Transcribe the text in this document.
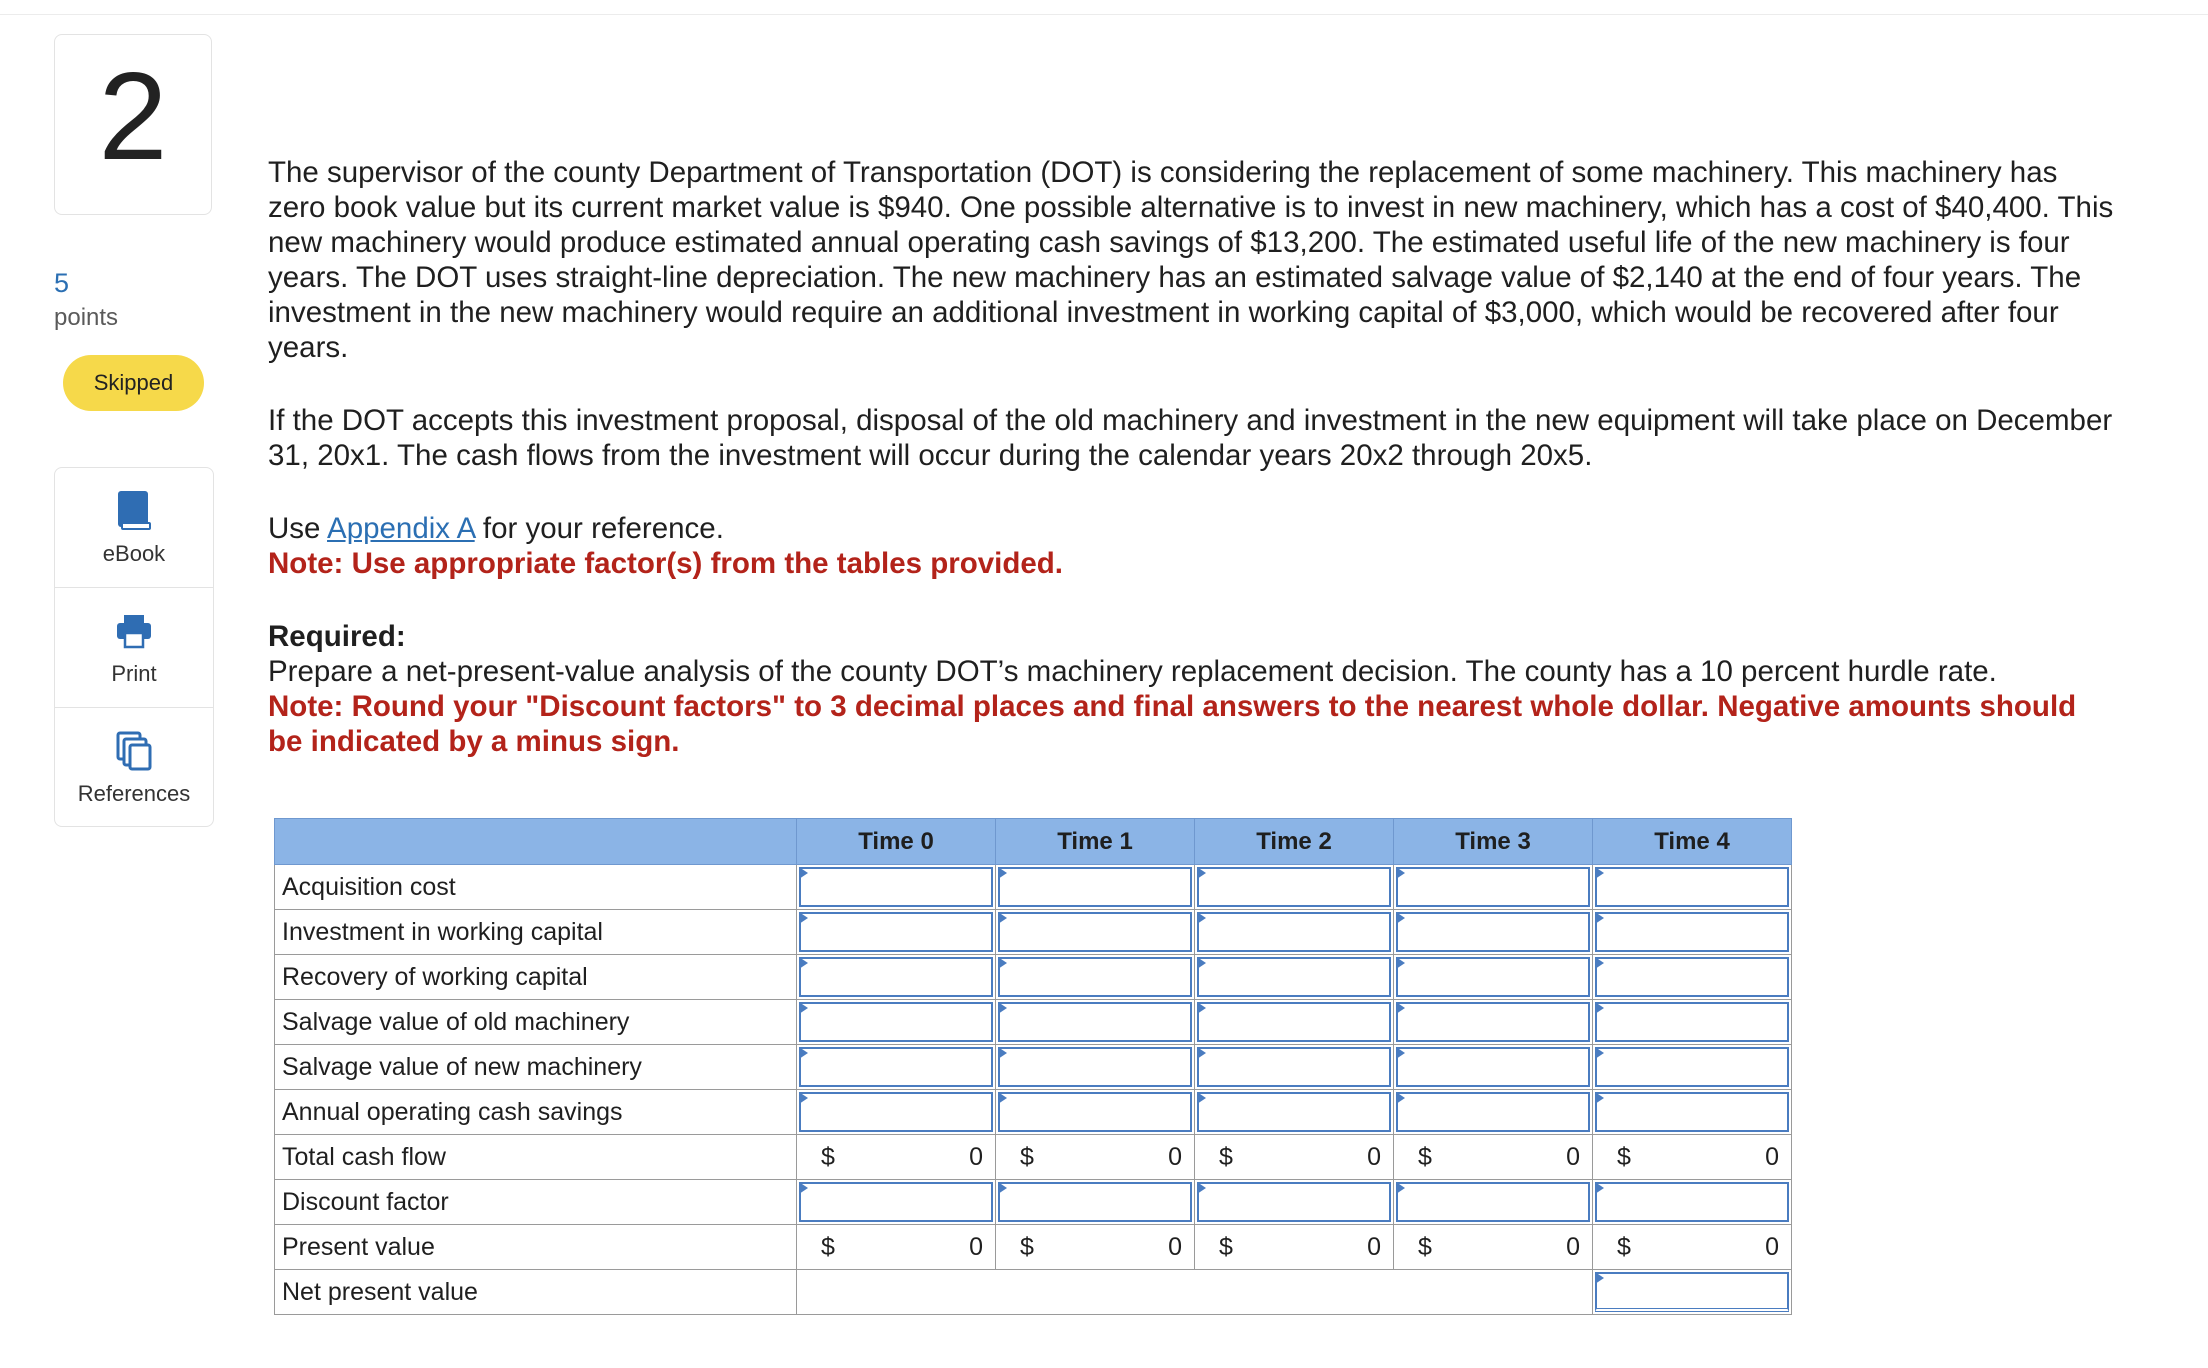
2
5
points
Skipped
eBook
Print
References

The supervisor of the county Department of Transportation (DOT) is considering the replacement of some machinery. This machinery has zero book value but its current market value is $940. One possible alternative is to invest in new machinery, which has a cost of $40,400. This new machinery would produce estimated annual operating cash savings of $13,200. The estimated useful life of the new machinery is four years. The DOT uses straight-line depreciation. The new machinery has an estimated salvage value of $2,140 at the end of four years. The investment in the new machinery would require an additional investment in working capital of $3,000, which would be recovered after four years.

If the DOT accepts this investment proposal, disposal of the old machinery and investment in the new equipment will take place on December 31, 20x1. The cash flows from the investment will occur during the calendar years 20x2 through 20x5.

Use Appendix A for your reference.
Note: Use appropriate factor(s) from the tables provided.

Required:
Prepare a net-present-value analysis of the county DOT’s machinery replacement decision. The county has a 10 percent hurdle rate.
Note: Round your "Discount factors" to 3 decimal places and final answers to the nearest whole dollar. Negative amounts should be indicated by a minus sign.

	Time 0	Time 1	Time 2	Time 3	Time 4
Acquisition cost	

Investment in working capital	

Recovery of working capital	

Salvage value of old machinery	

Salvage value of new machinery	

Annual operating cash savings	

Total cash flow	$ 0	$ 0	$ 0	$ 0	$ 0

Discount factor	

Present value	$ 0	$ 0	$ 0	$ 0	$ 0

Net present value					
